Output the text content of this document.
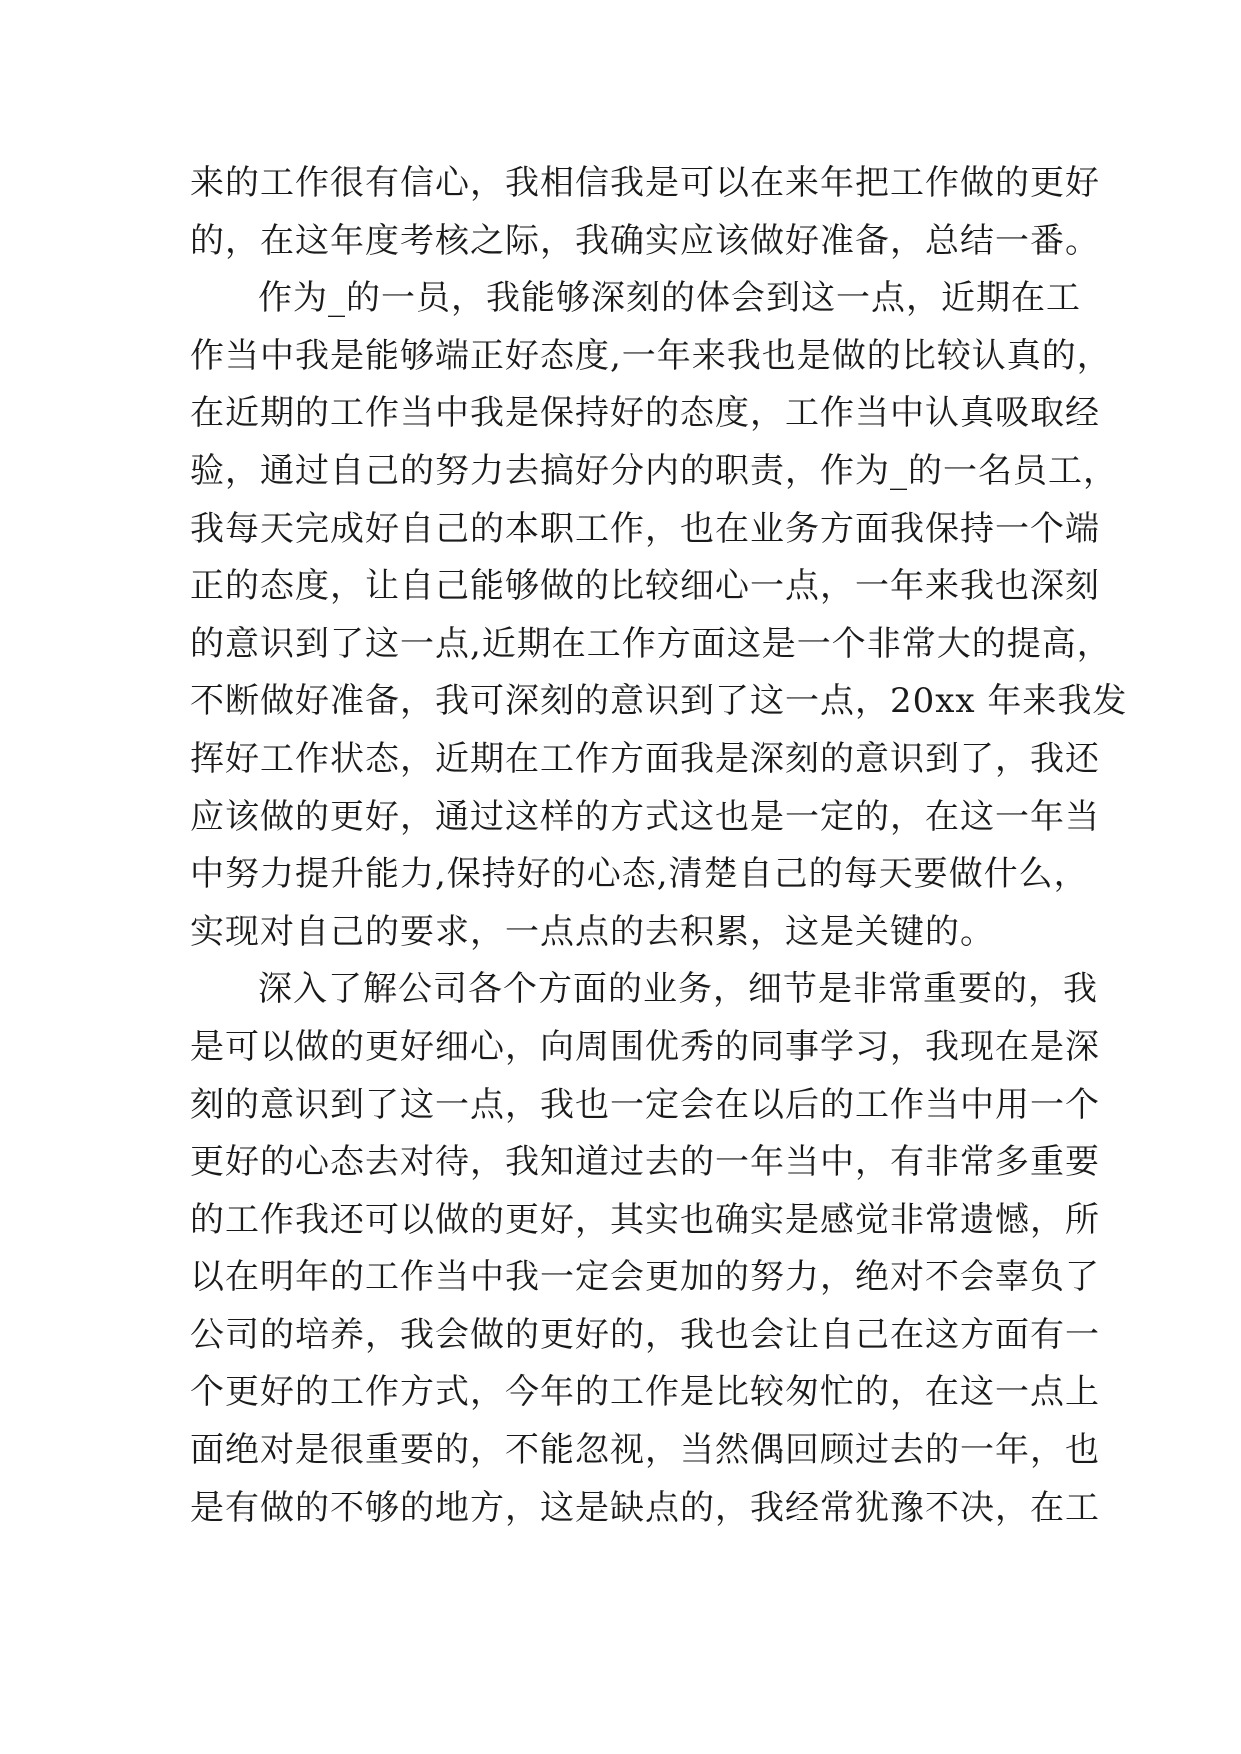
来的工作很有信心，我相信我是可以在来年把工作做的更好
的，在这年度考核之际，我确实应该做好准备，总结一番。
作为_的一员，我能够深刻的体会到这一点，近期在工
作当中我是能够端正好态度,一年来我也是做的比较认真的，
在近期的工作当中我是保持好的态度，工作当中认真吸取经
验，通过自己的努力去搞好分内的职责，作为_的一名员工，
我每天完成好自己的本职工作，也在业务方面我保持一个端
正的态度，让自己能够做的比较细心一点，一年来我也深刻
的意识到了这一点,近期在工作方面这是一个非常大的提高，
不断做好准备，我可深刻的意识到了这一点，20xx 年来我发
挥好工作状态，近期在工作方面我是深刻的意识到了，我还
应该做的更好，通过这样的方式这也是一定的，在这一年当
中努力提升能力,保持好的心态,清楚自己的每天要做什么，
实现对自己的要求，一点点的去积累，这是关键的。
深入了解公司各个方面的业务，细节是非常重要的，我
是可以做的更好细心，向周围优秀的同事学习，我现在是深
刻的意识到了这一点，我也一定会在以后的工作当中用一个
更好的心态去对待，我知道过去的一年当中，有非常多重要
的工作我还可以做的更好，其实也确实是感觉非常遗憾，所
以在明年的工作当中我一定会更加的努力，绝对不会辜负了
公司的培养，我会做的更好的，我也会让自己在这方面有一
个更好的工作方式，今年的工作是比较匆忙的，在这一点上
面绝对是很重要的，不能忽视，当然偶回顾过去的一年，也
是有做的不够的地方，这是缺点的，我经常犹豫不决，在工
